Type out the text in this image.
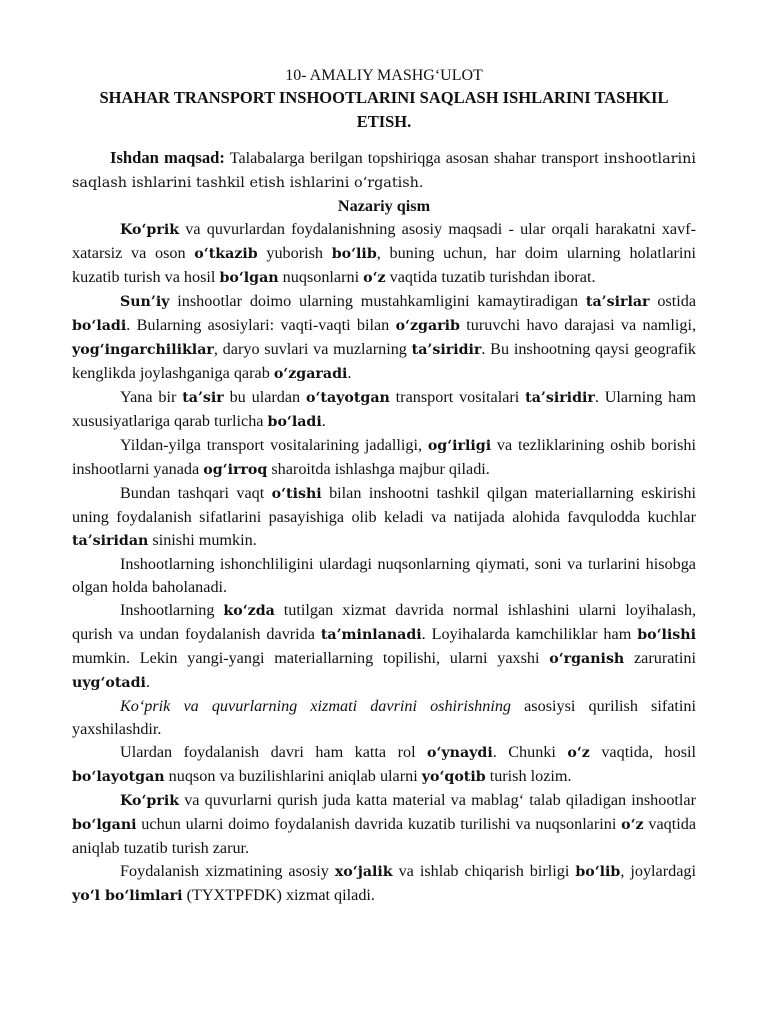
10- AMALIY MASHG‘ULOT

SHAHAR TRANSPORT INSHOOTLARINI SAQLASH ISHLARINI TASHKIL ETISH.

Ishdan maqsad: Talabalarga berilgan topshiriqga asosan shahar transport inshootlarini saqlash ishlarini tashkil etish ishlarini o‘rgatish.

Nazariy qism

Ko‘prik va quvurlardan foydalanishning asosiy maqsadi - ular orqali harakatni xavf-xatarsiz va oson o‘tkazib yuborish bo‘lib, buning uchun, har doim ularning holatlarini kuzatib turish va hosil bo‘lgan nuqsonlarni o‘z vaqtida tuzatib turishdan iborat.

Sun’iy inshootlar doimo ularning mustahkamligini kamaytiradigan ta’sirlar ostida bo‘ladi. Bularning asosiylari: vaqti-vaqti bilan o‘zgarib turuvchi havo darajasi va namligi, yog‘ingarchiliklar, daryo suvlari va muzlarning ta’siridir. Bu inshootning qaysi geografik kenglikda joylashganiga qarab o‘zgaradi.

Yana bir ta’sir bu ulardan o‘tayotgan transport vositalari ta’siridir. Ularning ham xususiyatlariga qarab turlicha bo‘ladi.

Yildan-yilga transport vositalarining jadalligi, og‘irligi va tezliklarining oshib borishi inshootlarni yanada og‘irroq sharoitda ishlashga majbur qiladi.

Bundan tashqari vaqt o‘tishi bilan inshootni tashkil qilgan materiallarning eskirishi uning foydalanish sifatlarini pasayishiga olib keladi va natijada alohida favqulodda kuchlar ta’siridan sinishi mumkin.

Inshootlarning ishonchliligini ulardagi nuqsonlarning qiymati, soni va turlarini hisobga olgan holda baholanadi.

Inshootlarning ko‘zda tutilgan xizmat davrida normal ishlashini ularni loyihalash, qurish va undan foydalanish davrida ta’minlanadi. Loyihalarda kamchiliklar ham bo‘lishi mumkin. Lekin yangi-yangi materiallarning topilishi, ularni yaxshi o‘rganish zaruratini uyg‘otadi.

Ko‘prik va quvurlarning xizmati davrini oshirishning asosiysi qurilish sifatini yaxshilashdir.

Ulardan foydalanish davri ham katta rol o‘ynaydi. Chunki o‘z vaqtida, hosil bo‘layotgan nuqson va buzilishlarini aniqlab ularni yo‘qotib turish lozim.

Ko‘prik va quvurlarni qurish juda katta material va mablag‘ talab qiladigan inshootlar bo‘lgani uchun ularni doimo foydalanish davrida kuzatib turilishi va nuqsonlarini o‘z vaqtida aniqlab tuzatib turish zarur.

Foydalanish xizmatining asosiy xo‘jalik va ishlab chiqarish birligi bo‘lib, joylardagi yo‘l bo‘limlari (TYXTPFDK) xizmat qiladi.
